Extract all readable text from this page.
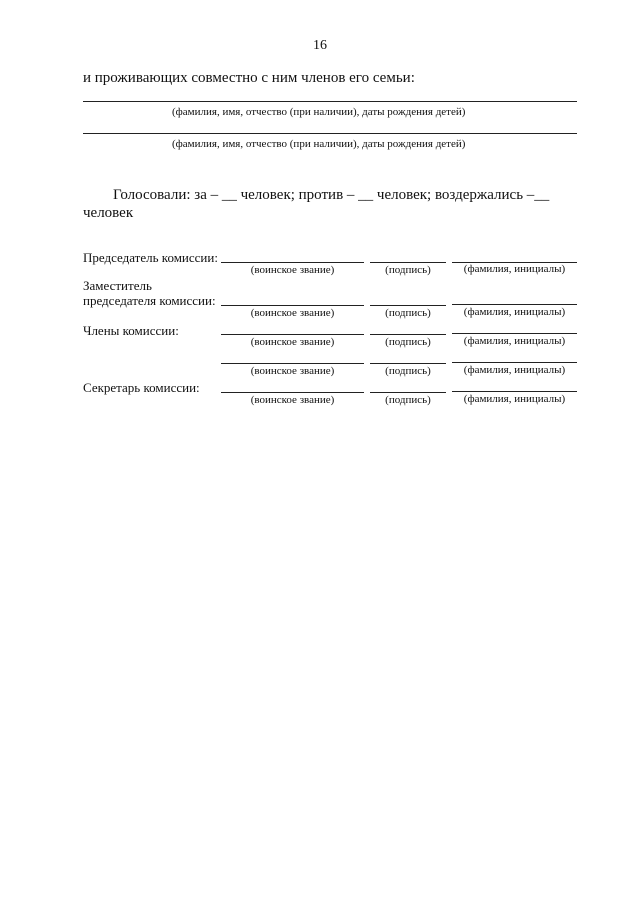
16
и проживающих совместно с ним членов его семьи:
(фамилия, имя, отчество (при наличии), даты рождения детей)
(фамилия, имя, отчество (при наличии), даты рождения детей)
Голосовали: за – __ человек; против – __ человек; воздержались –__
человек
Председатель комиссии:
(воинское звание)	(подпись)	(фамилия, инициалы)
Заместитель
председателя комиссии:
(воинское звание)	(подпись)	(фамилия, инициалы)
Члены комиссии:
(воинское звание)	(подпись)	(фамилия, инициалы)
(воинское звание)	(подпись)	(фамилия, инициалы)
Секретарь комиссии:
(воинское звание)	(подпись)	(фамилия, инициалы)
